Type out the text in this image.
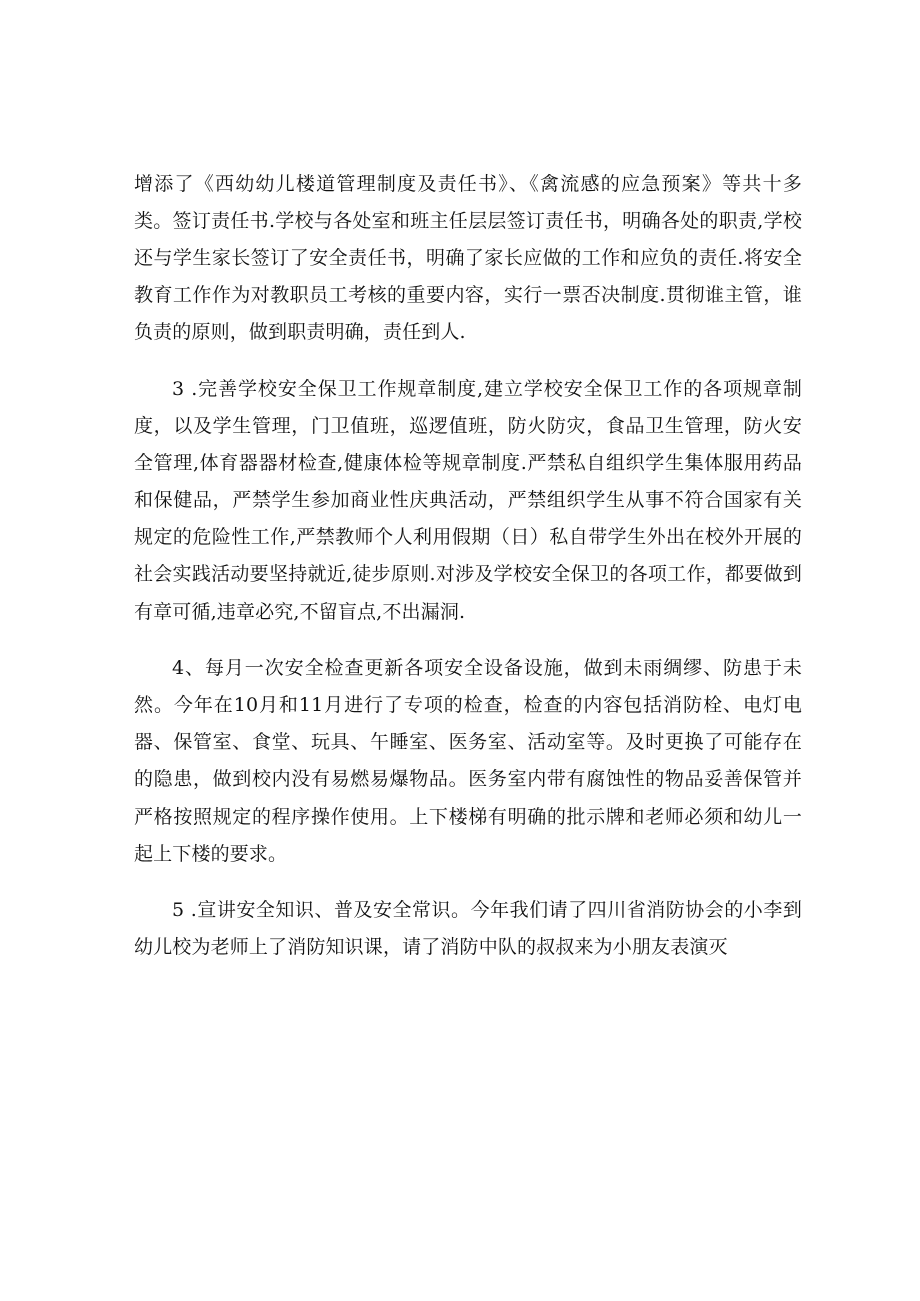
增添了《西幼幼儿楼道管理制度及责任书》、《禽流感的应急预案》等共十多类。签订责任书.学校与各处室和班主任层层签订责任书，明确各处的职责,学校还与学生家长签订了安全责任书，明确了家长应做的工作和应负的责任.将安全教育工作作为对教职员工考核的重要内容，实行一票否决制度.贯彻谁主管，谁负责的原则，做到职责明确，责任到人.

3 .完善学校安全保卫工作规章制度,建立学校安全保卫工作的各项规章制度，以及学生管理，门卫值班，巡逻值班，防火防灾，食品卫生管理，防火安全管理,体育器器材检查,健康体检等规章制度.严禁私自组织学生集体服用药品和保健品，严禁学生参加商业性庆典活动，严禁组织学生从事不符合国家有关规定的危险性工作,严禁教师个人利用假期（日）私自带学生外出在校外开展的社会实践活动要坚持就近,徒步原则.对涉及学校安全保卫的各项工作，都要做到有章可循,违章必究,不留盲点,不出漏洞.

4、每月一次安全检查更新各项安全设备设施，做到未雨绸缪、防患于未然。今年在10月和11月进行了专项的检查，检查的内容包括消防栓、电灯电器、保管室、食堂、玩具、午睡室、医务室、活动室等。及时更换了可能存在的隐患，做到校内没有易燃易爆物品。医务室内带有腐蚀性的物品妥善保管并严格按照规定的程序操作使用。上下楼梯有明确的批示牌和老师必须和幼儿一起上下楼的要求。

5 .宣讲安全知识、普及安全常识。今年我们请了四川省消防协会的小李到幼儿校为老师上了消防知识课，请了消防中队的叔叔来为小朋友表演灭
